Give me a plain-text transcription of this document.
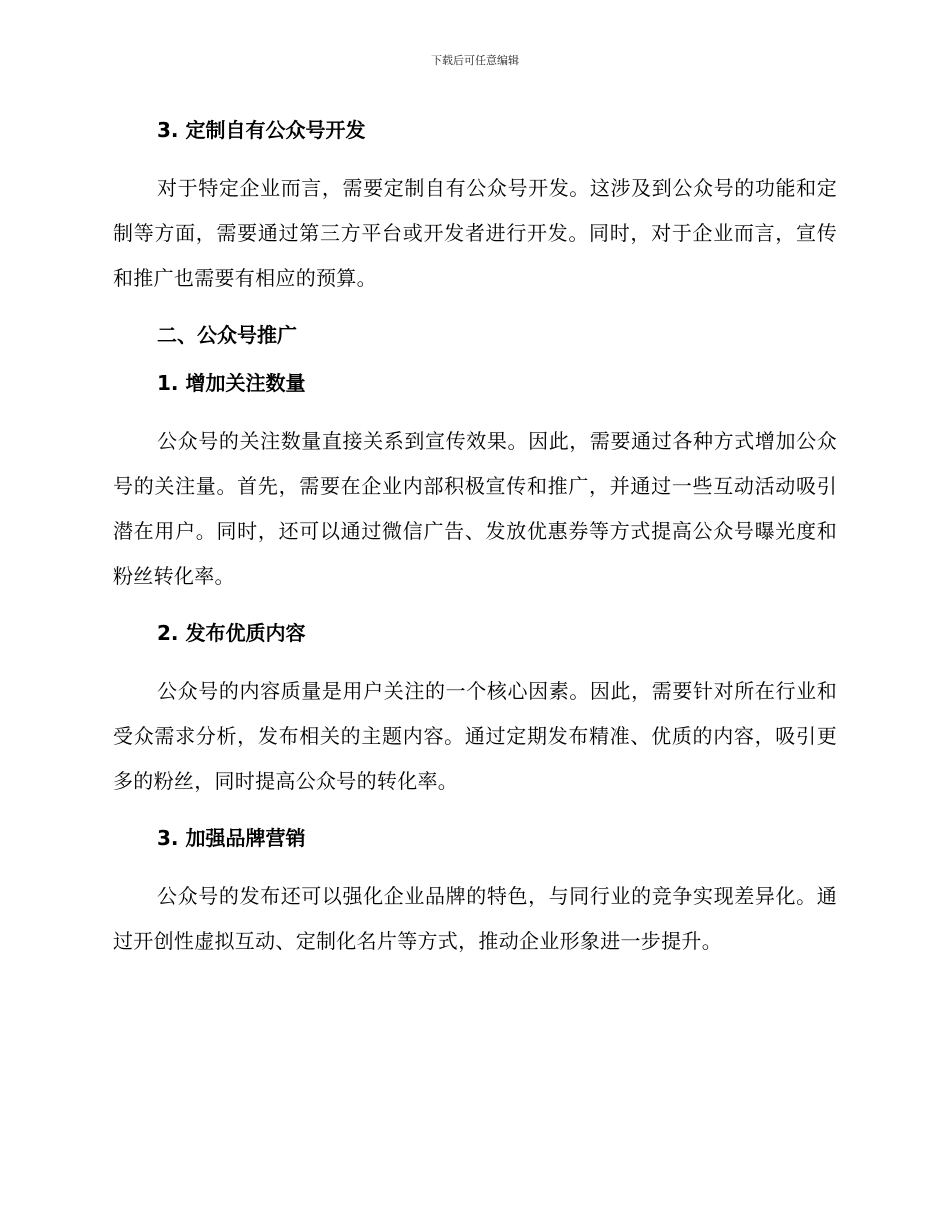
下载后可任意编辑
3. 定制自有公众号开发

对于特定企业而言，需要定制自有公众号开发。这涉及到公众号的功能和定制等方面，需要通过第三方平台或开发者进行开发。同时，对于企业而言，宣传和推广也需要有相应的预算。

二、公众号推广
1. 增加关注数量

公众号的关注数量直接关系到宣传效果。因此，需要通过各种方式增加公众号的关注量。首先，需要在企业内部积极宣传和推广，并通过一些互动活动吸引潜在用户。同时，还可以通过微信广告、发放优惠券等方式提高公众号曝光度和粉丝转化率。

2. 发布优质内容

公众号的内容质量是用户关注的一个核心因素。因此，需要针对所在行业和受众需求分析，发布相关的主题内容。通过定期发布精准、优质的内容，吸引更多的粉丝，同时提高公众号的转化率。

3. 加强品牌营销

公众号的发布还可以强化企业品牌的特色，与同行业的竞争实现差异化。通过开创性虚拟互动、定制化名片等方式，推动企业形象进一步提升。
